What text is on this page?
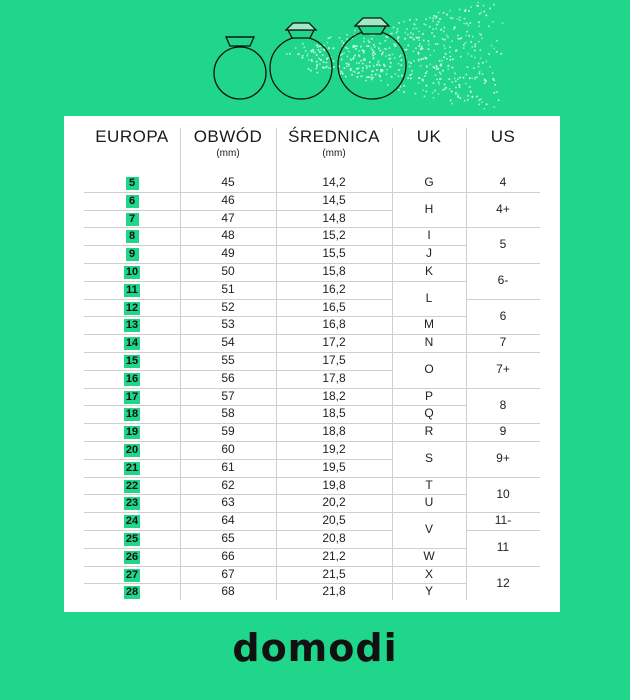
EUROPA
5
6
7
8
9
10
11
12
13
14
15
16
17
18
19
20
21
22
23
24
25
26
27
28
OBWÓD
(mm)
45
46
47
48
49
50
51
52
53
54
55
56
57
58
59
60
61
62
63
64
65
66
67
68
ŚREDNICA
(mm)
14,2
14,5
14,8
15,2
15,5
15,8
16,2
16,5
16,8
17,2
17,5
17,8
18,2
18,5
18,8
19,2
19,5
19,8
20,2
20,5
20,8
21,2
21,5
21,8
UK
G
H
I
J
K
L
M
N
O
P
Q
R
S
T
U
V
W
X
Y
US
4
4+
5
6-
6
7
7+
8
9
9+
10
11-
11
12
domodi
